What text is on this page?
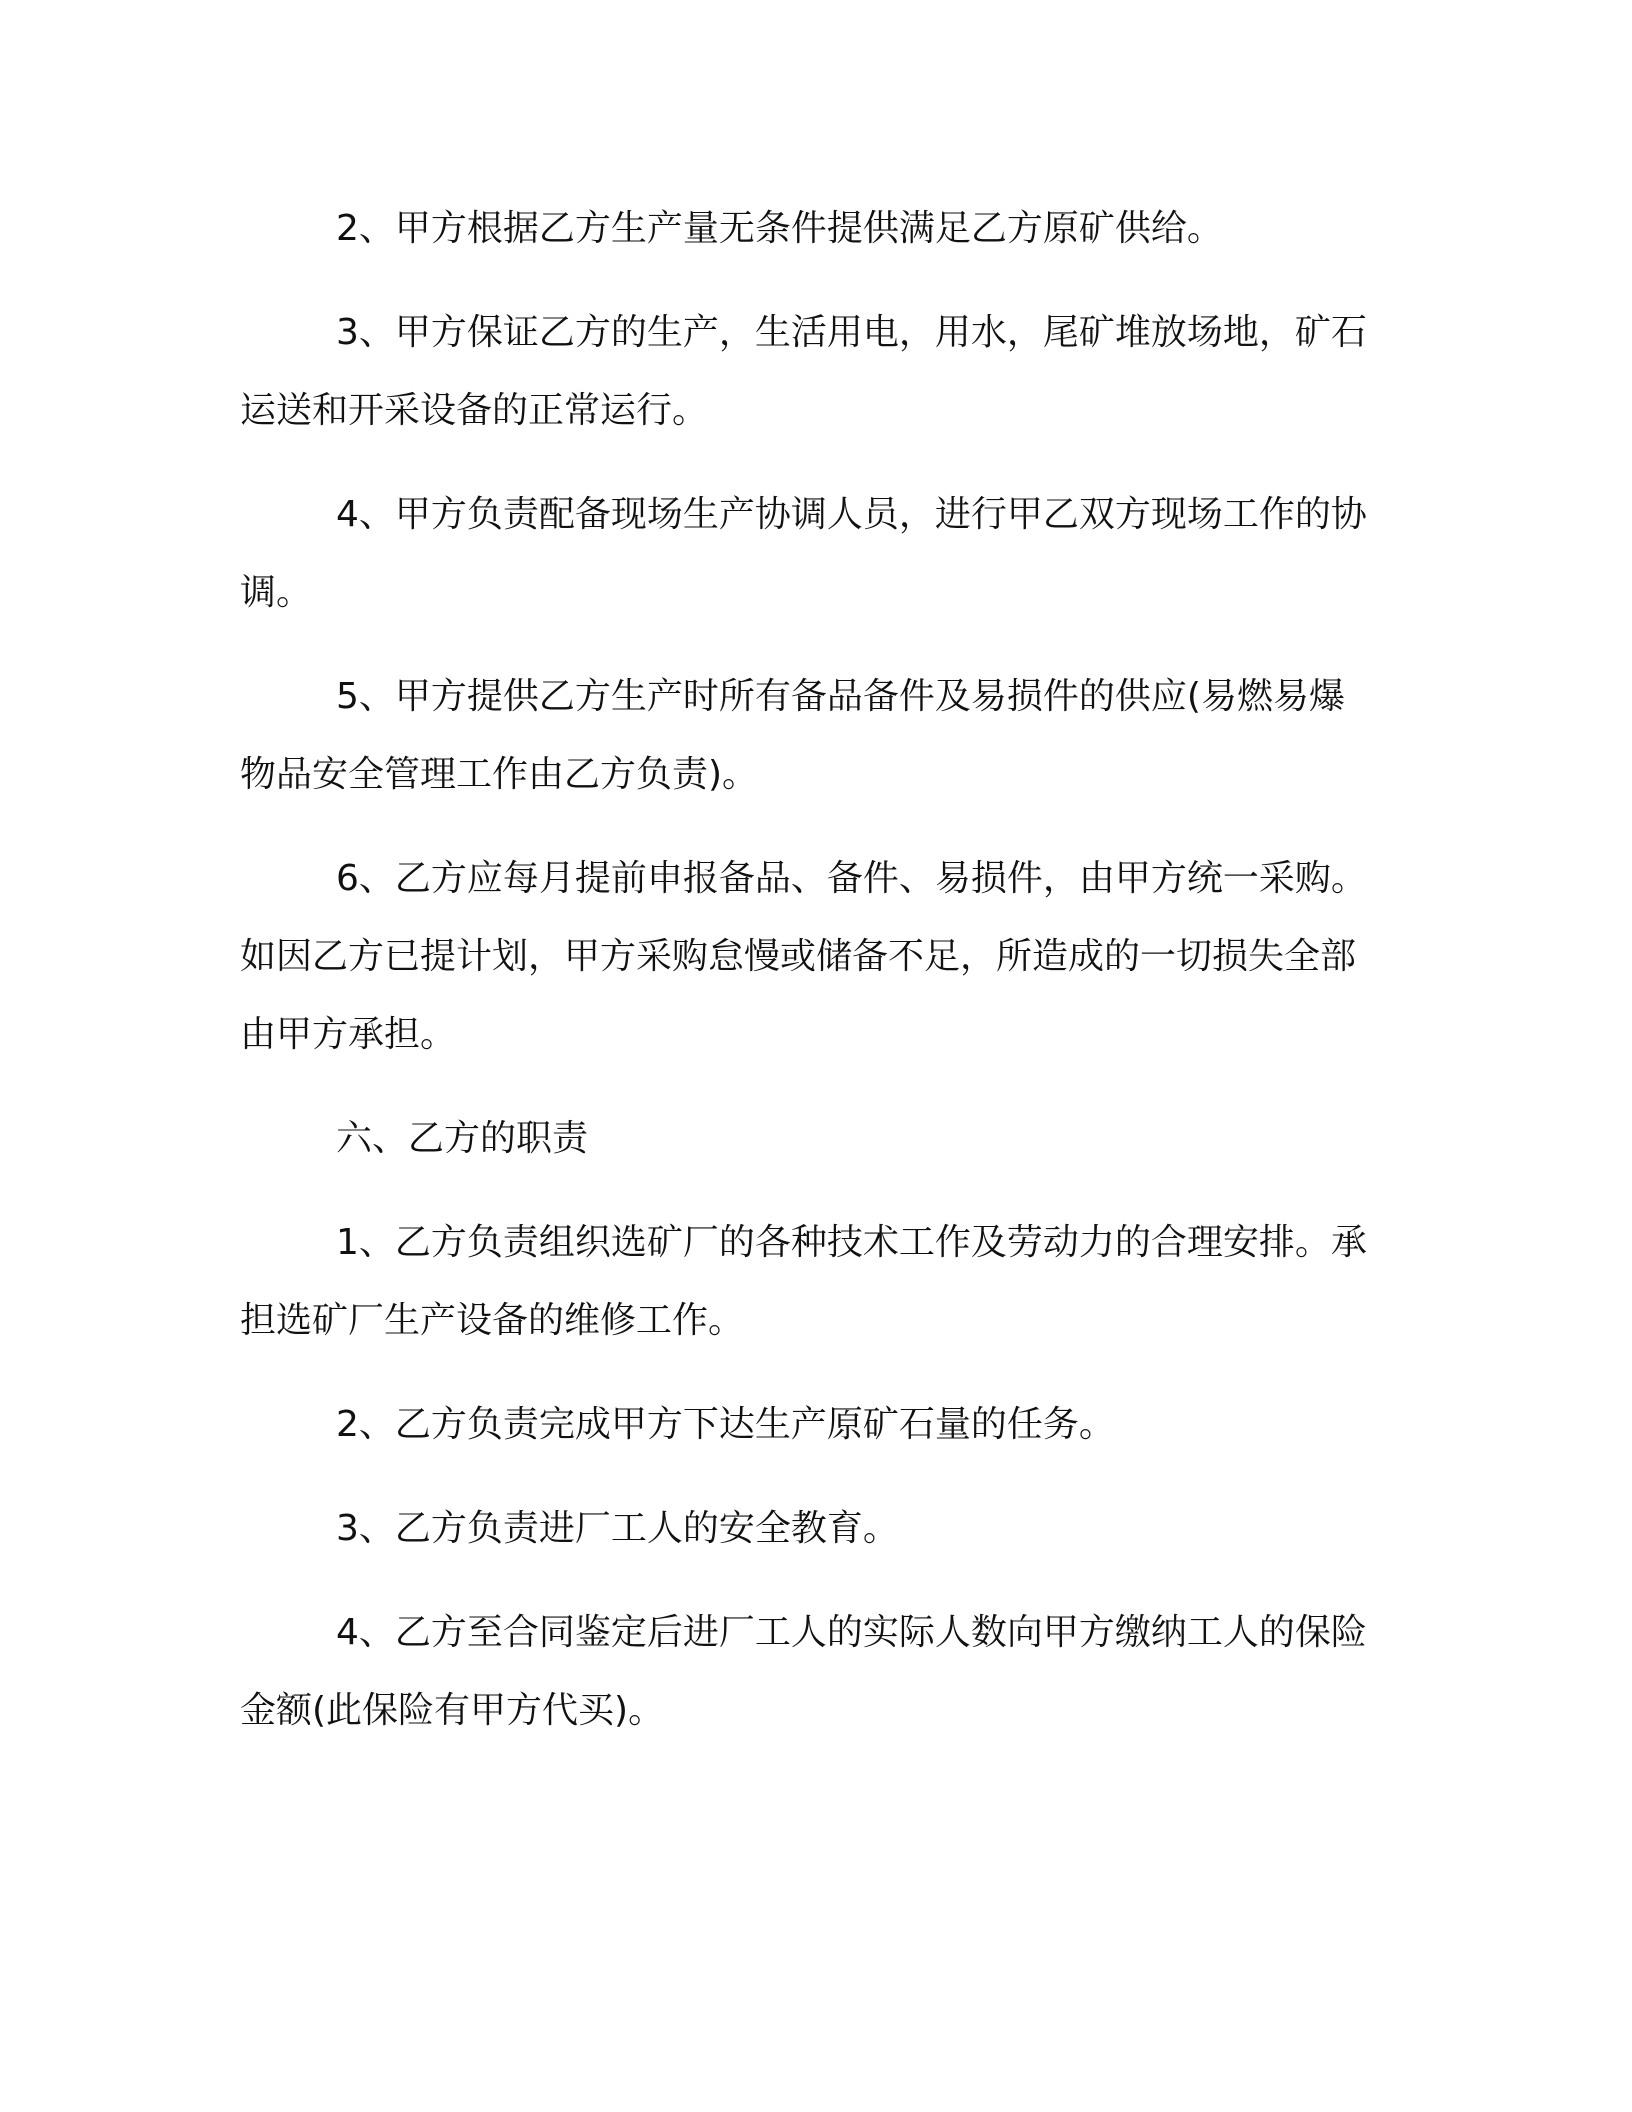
2、甲方根据乙方生产量无条件提供满足乙方原矿供给。

3、甲方保证乙方的生产，生活用电，用水，尾矿堆放场地，矿石运送和开采设备的正常运行。

4、甲方负责配备现场生产协调人员，进行甲乙双方现场工作的协调。

5、甲方提供乙方生产时所有备品备件及易损件的供应(易燃易爆物品安全管理工作由乙方负责)。

6、乙方应每月提前申报备品、备件、易损件，由甲方统一采购。如因乙方已提计划，甲方采购怠慢或储备不足，所造成的一切损失全部由甲方承担。

六、乙方的职责

1、乙方负责组织选矿厂的各种技术工作及劳动力的合理安排。承担选矿厂生产设备的维修工作。

2、乙方负责完成甲方下达生产原矿石量的任务。

3、乙方负责进厂工人的安全教育。

4、乙方至合同鉴定后进厂工人的实际人数向甲方缴纳工人的保险金额(此保险有甲方代买)。
